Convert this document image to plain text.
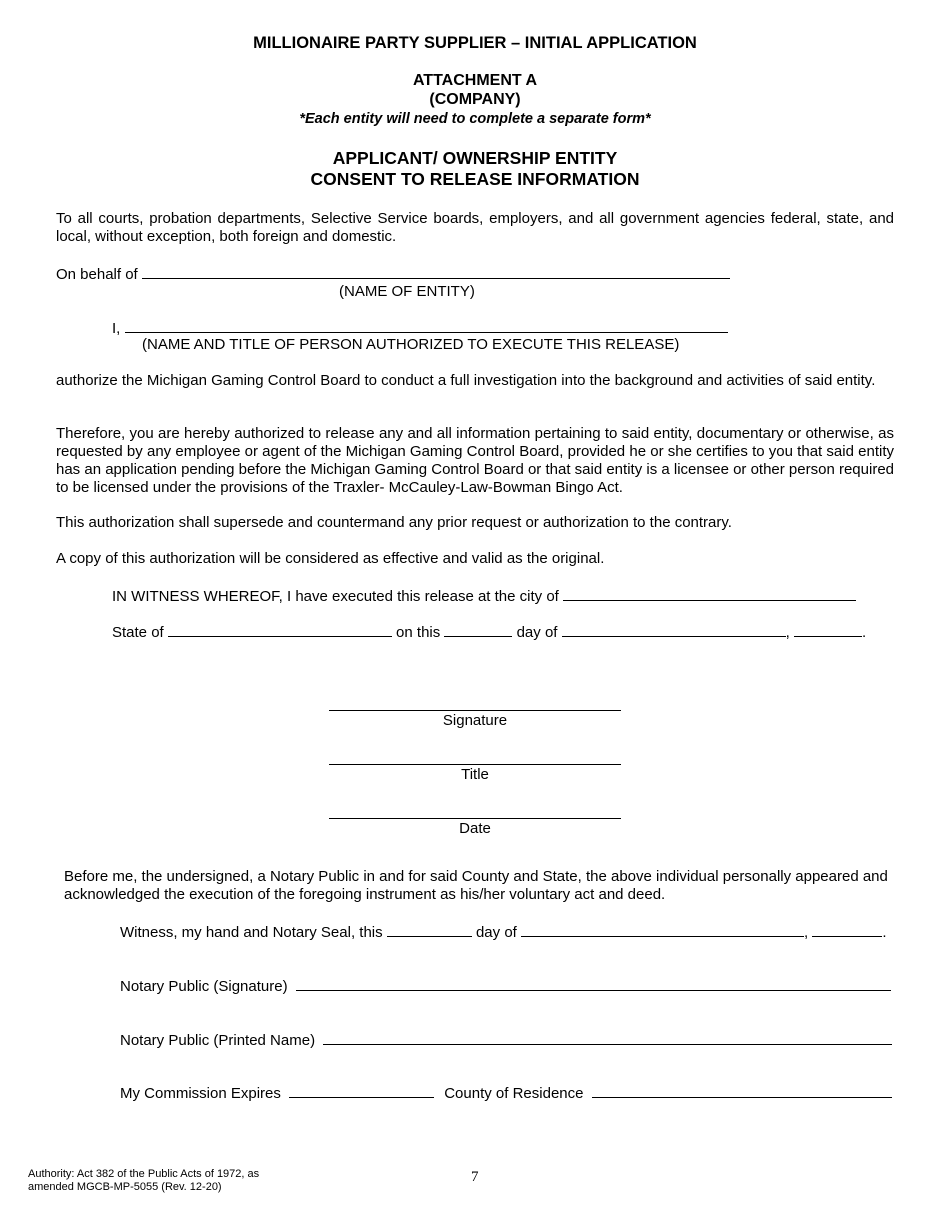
MILLIONAIRE PARTY SUPPLIER – INITIAL APPLICATION
ATTACHMENT A
(COMPANY)
*Each entity will need to complete a separate form*
APPLICANT/ OWNERSHIP ENTITY
CONSENT TO RELEASE INFORMATION
To all courts, probation departments, Selective Service boards, employers, and all government agencies federal, state, and local, without exception, both foreign and domestic.
On behalf of
(NAME OF ENTITY)
I,
(NAME AND TITLE OF PERSON AUTHORIZED TO EXECUTE THIS RELEASE)
authorize the Michigan Gaming Control Board to conduct a full investigation into the background and activities of said entity.
Therefore, you are hereby authorized to release any and all information pertaining to said entity, documentary or otherwise, as requested by any employee or agent of the Michigan Gaming Control Board, provided he or she certifies to you that said entity has an application pending before the Michigan Gaming Control Board or that said entity is a licensee or other person required to be licensed under the provisions of the Traxler- McCauley-Law-Bowman Bingo Act.
This authorization shall supersede and countermand any prior request or authorization to the contrary.
A copy of this authorization will be considered as effective and valid as the original.
IN WITNESS WHEREOF, I have executed this release at the city of
State of	on this	day of	,	.
Signature
Title
Date
Before me, the undersigned, a Notary Public in and for said County and State, the above individual personally appeared and acknowledged the execution of the foregoing instrument as his/her voluntary act and deed.
Witness, my hand and Notary Seal, this	day of	,	.
Notary Public (Signature)
Notary Public (Printed Name)
My Commission Expires	County of Residence
Authority: Act 382 of the Public Acts of 1972, as
amended MGCB-MP-5055 (Rev. 12-20)
7
